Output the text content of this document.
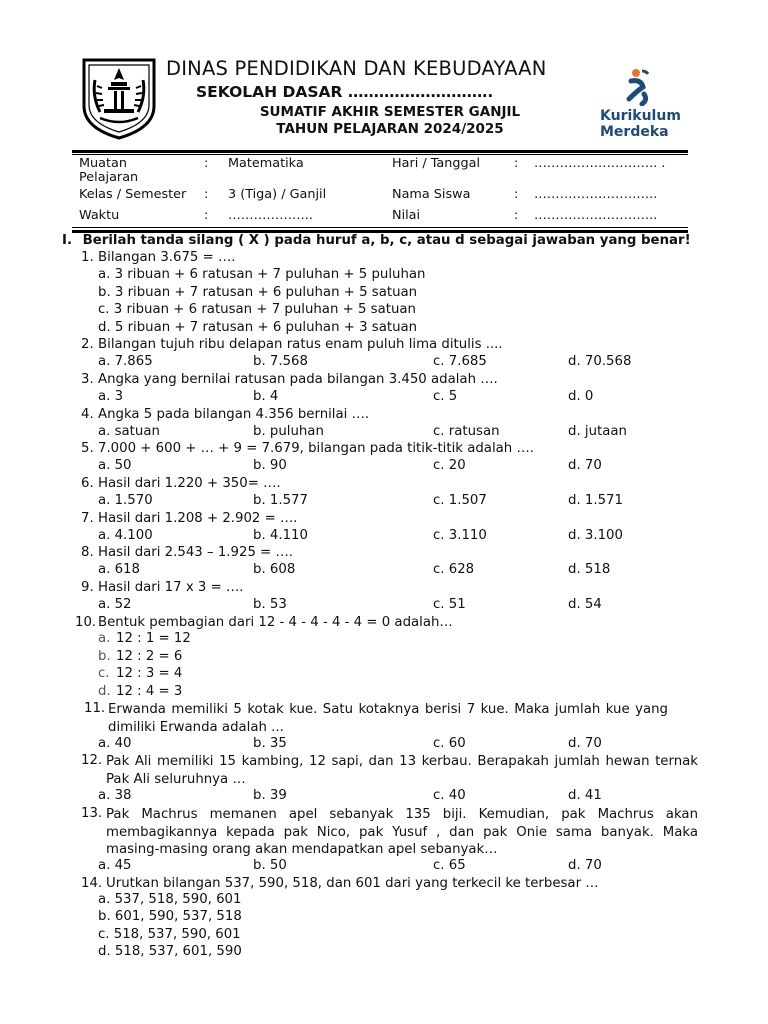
DINAS PENDIDIKAN DAN KEBUDAYAAN
SEKOLAH DASAR ……………………….
SUMATIF AKHIR SEMESTER GANJIL
TAHUN PELAJARAN 2024/2025
Kurikulum
Merdeka
Muatan
Pelajaran
: Matematika	Hari / Tanggal	: ……………………….. .
Kelas / Semester : 3 (Tiga) / Ganjil	Nama Siswa	: ………………………..
Waktu	: ………………..	Nilai	: ………………………..
I. Berilah tanda silang ( X ) pada huruf a, b, c, atau d sebagai jawaban yang benar!
1. Bilangan 3.675 = ….
a. 3 ribuan + 6 ratusan + 7 puluhan + 5 puluhan
b. 3 ribuan + 7 ratusan + 6 puluhan + 5 satuan
c. 3 ribuan + 6 ratusan + 7 puluhan + 5 satuan
d. 5 ribuan + 7 ratusan + 6 puluhan + 3 satuan
2. Bilangan tujuh ribu delapan ratus enam puluh lima ditulis ....
a. 7.865	b. 7.568	c. 7.685	d. 70.568
3. Angka yang bernilai ratusan pada bilangan 3.450 adalah ….
a. 3	b. 4	c. 5	d. 0
4. Angka 5 pada bilangan 4.356 bernilai ….
a. satuan	b. puluhan	c. ratusan	d. jutaan
5. 7.000 + 600 + … + 9 = 7.679, bilangan pada titik-titik adalah ….
a. 50	b. 90	c. 20	d. 70
6. Hasil dari 1.220 + 350= ….
a. 1.570	b. 1.577	c. 1.507	d. 1.571
7. Hasil dari 1.208 + 2.902 = ….
a. 4.100	b. 4.110	c. 3.110	d. 3.100
8. Hasil dari 2.543 – 1.925 = ….
a. 618	b. 608	c. 628	d. 518
9. Hasil dari 17 x 3 = ….
a. 52	b. 53	c. 51	d. 54
10. Bentuk pembagian dari 12 - 4 - 4 - 4 - 4 = 0 adalah…
a. 12 : 1 = 12
b. 12 : 2 = 6
c. 12 : 3 = 4
d. 12 : 4 = 3
11. Erwanda memiliki 5 kotak kue. Satu kotaknya berisi 7 kue. Maka jumlah kue yang dimiliki Erwanda adalah ...
a. 40	b. 35	c. 60	d. 70
12. Pak Ali memiliki 15 kambing, 12 sapi, dan 13 kerbau. Berapakah jumlah hewan ternak Pak Ali seluruhnya …
a. 38	b. 39	c. 40	d. 41
13. Pak Machrus memanen apel sebanyak 135 biji. Kemudian, pak Machrus akan membagikannya kepada pak Nico, pak Yusuf , dan pak Onie sama banyak. Maka masing-masing orang akan mendapatkan apel sebanyak…
a. 45	b. 50	c. 65	d. 70
14. Urutkan bilangan 537, 590, 518, dan 601 dari yang terkecil ke terbesar …
a. 537, 518, 590, 601
b. 601, 590, 537, 518
c. 518, 537, 590, 601
d. 518, 537, 601, 590
